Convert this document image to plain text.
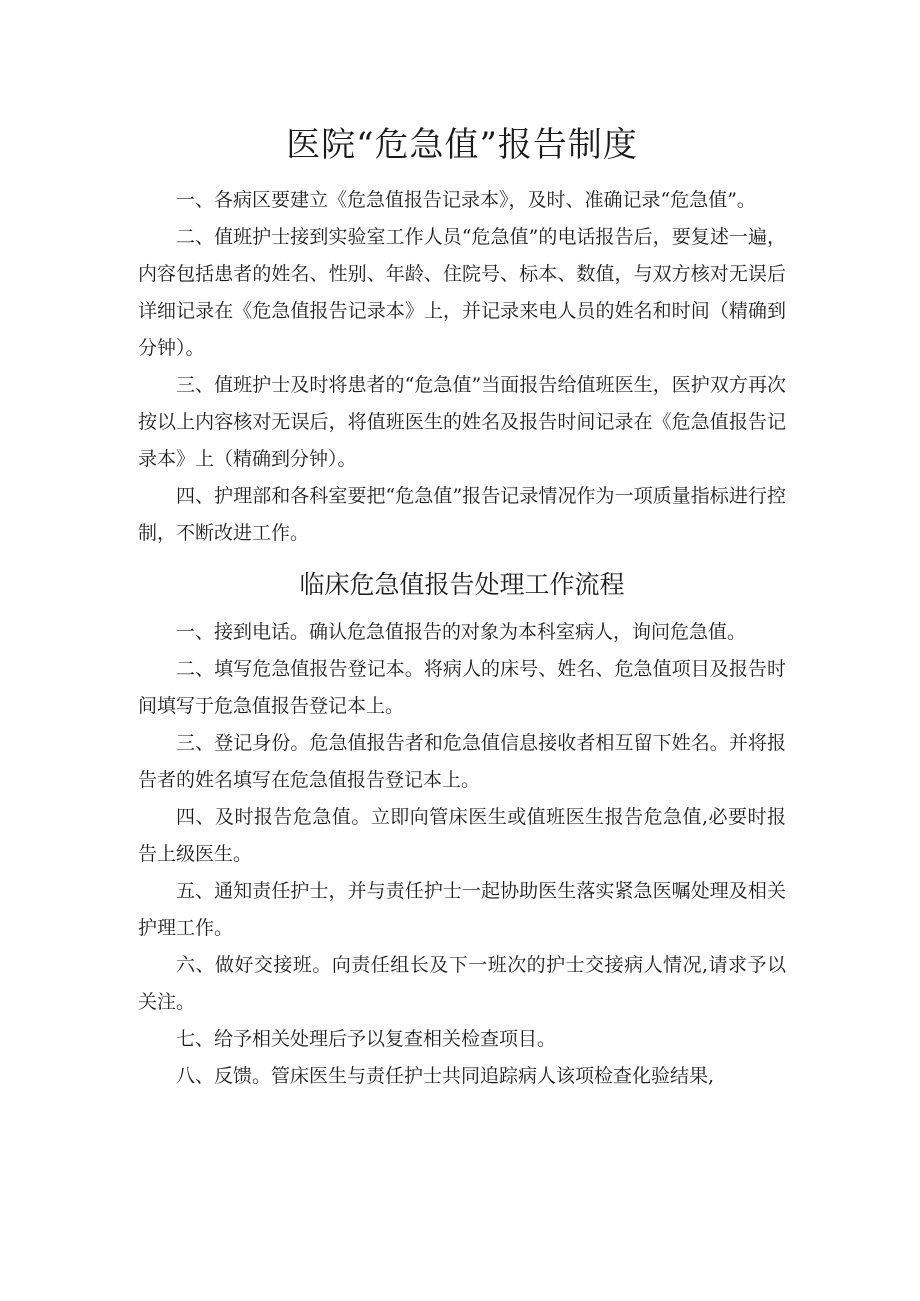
医院“危急值”报告制度

一、各病区要建立《危急值报告记录本》，及时、准确记录“危急值”。

二、值班护士接到实验室工作人员“危急值”的电话报告后，要复述一遍，内容包括患者的姓名、性别、年龄、住院号、标本、数值，与双方核对无误后详细记录在《危急值报告记录本》上，并记录来电人员的姓名和时间（精确到分钟）。

三、值班护士及时将患者的“危急值”当面报告给值班医生，医护双方再次按以上内容核对无误后，将值班医生的姓名及报告时间记录在《危急值报告记录本》上（精确到分钟）。

四、护理部和各科室要把“危急值”报告记录情况作为一项质量指标进行控制，不断改进工作。

临床危急值报告处理工作流程

一、接到电话。确认危急值报告的对象为本科室病人，询问危急值。

二、填写危急值报告登记本。将病人的床号、姓名、危急值项目及报告时间填写于危急值报告登记本上。

三、登记身份。危急值报告者和危急值信息接收者相互留下姓名。并将报告者的姓名填写在危急值报告登记本上。

四、及时报告危急值。立即向管床医生或值班医生报告危急值,必要时报告上级医生。

五、通知责任护士，并与责任护士一起协助医生落实紧急医嘱处理及相关护理工作。

六、做好交接班。向责任组长及下一班次的护士交接病人情况,请求予以关注。

七、给予相关处理后予以复查相关检查项目。

八、反馈。管床医生与责任护士共同追踪病人该项检查化验结果,
